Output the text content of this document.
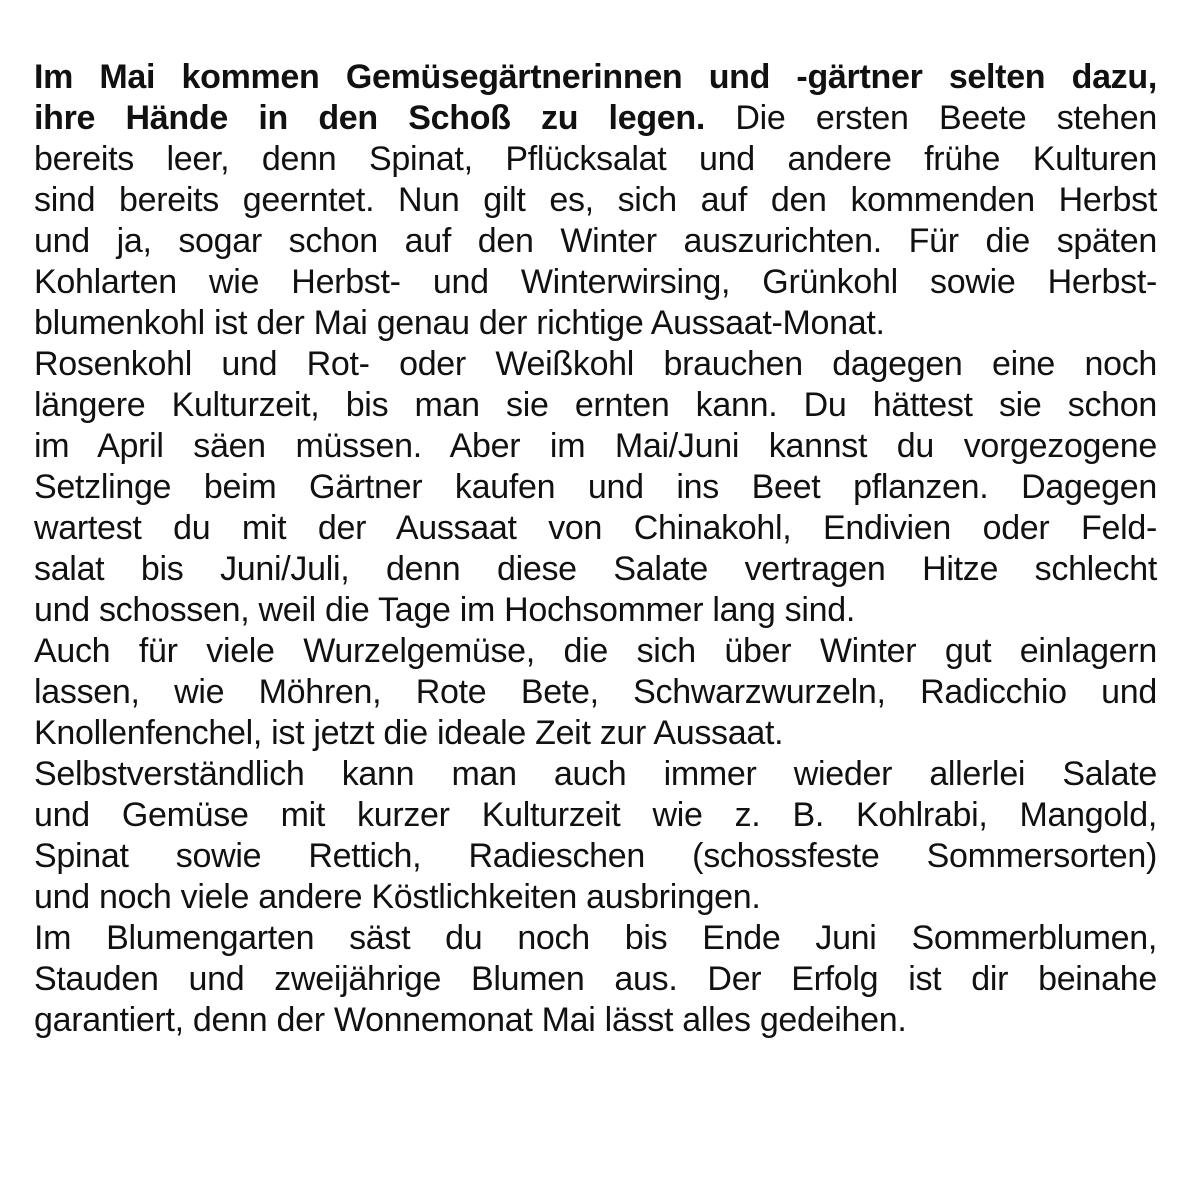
Im Mai kommen Gemüsegärtnerinnen und -gärtner selten dazu,
ihre Hände in den Schoß zu legen. Die ersten Beete stehen
bereits leer, denn Spinat, Pflücksalat und andere frühe Kulturen
sind bereits geerntet. Nun gilt es, sich auf den kommenden Herbst
und ja, sogar schon auf den Winter auszurichten. Für die späten
Kohlarten wie Herbst- und Winterwirsing, Grünkohl sowie Herbst-
blumenkohl ist der Mai genau der richtige Aussaat-Monat.
Rosenkohl und Rot- oder Weißkohl brauchen dagegen eine noch
längere Kulturzeit, bis man sie ernten kann. Du hättest sie schon
im April säen müssen. Aber im Mai/Juni kannst du vorgezogene
Setzlinge beim Gärtner kaufen und ins Beet pflanzen. Dagegen
wartest du mit der Aussaat von Chinakohl, Endivien oder Feld-
salat bis Juni/Juli, denn diese Salate vertragen Hitze schlecht
und schossen, weil die Tage im Hochsommer lang sind.
Auch für viele Wurzelgemüse, die sich über Winter gut einlagern
lassen, wie Möhren, Rote Bete, Schwarzwurzeln, Radicchio und
Knollenfenchel, ist jetzt die ideale Zeit zur Aussaat.
Selbstverständlich kann man auch immer wieder allerlei Salate
und Gemüse mit kurzer Kulturzeit wie z. B. Kohlrabi, Mangold,
Spinat sowie Rettich, Radieschen (schossfeste Sommersorten)
und noch viele andere Köstlichkeiten ausbringen.
Im Blumengarten säst du noch bis Ende Juni Sommerblumen,
Stauden und zweijährige Blumen aus. Der Erfolg ist dir beinahe
garantiert, denn der Wonnemonat Mai lässt alles gedeihen.
